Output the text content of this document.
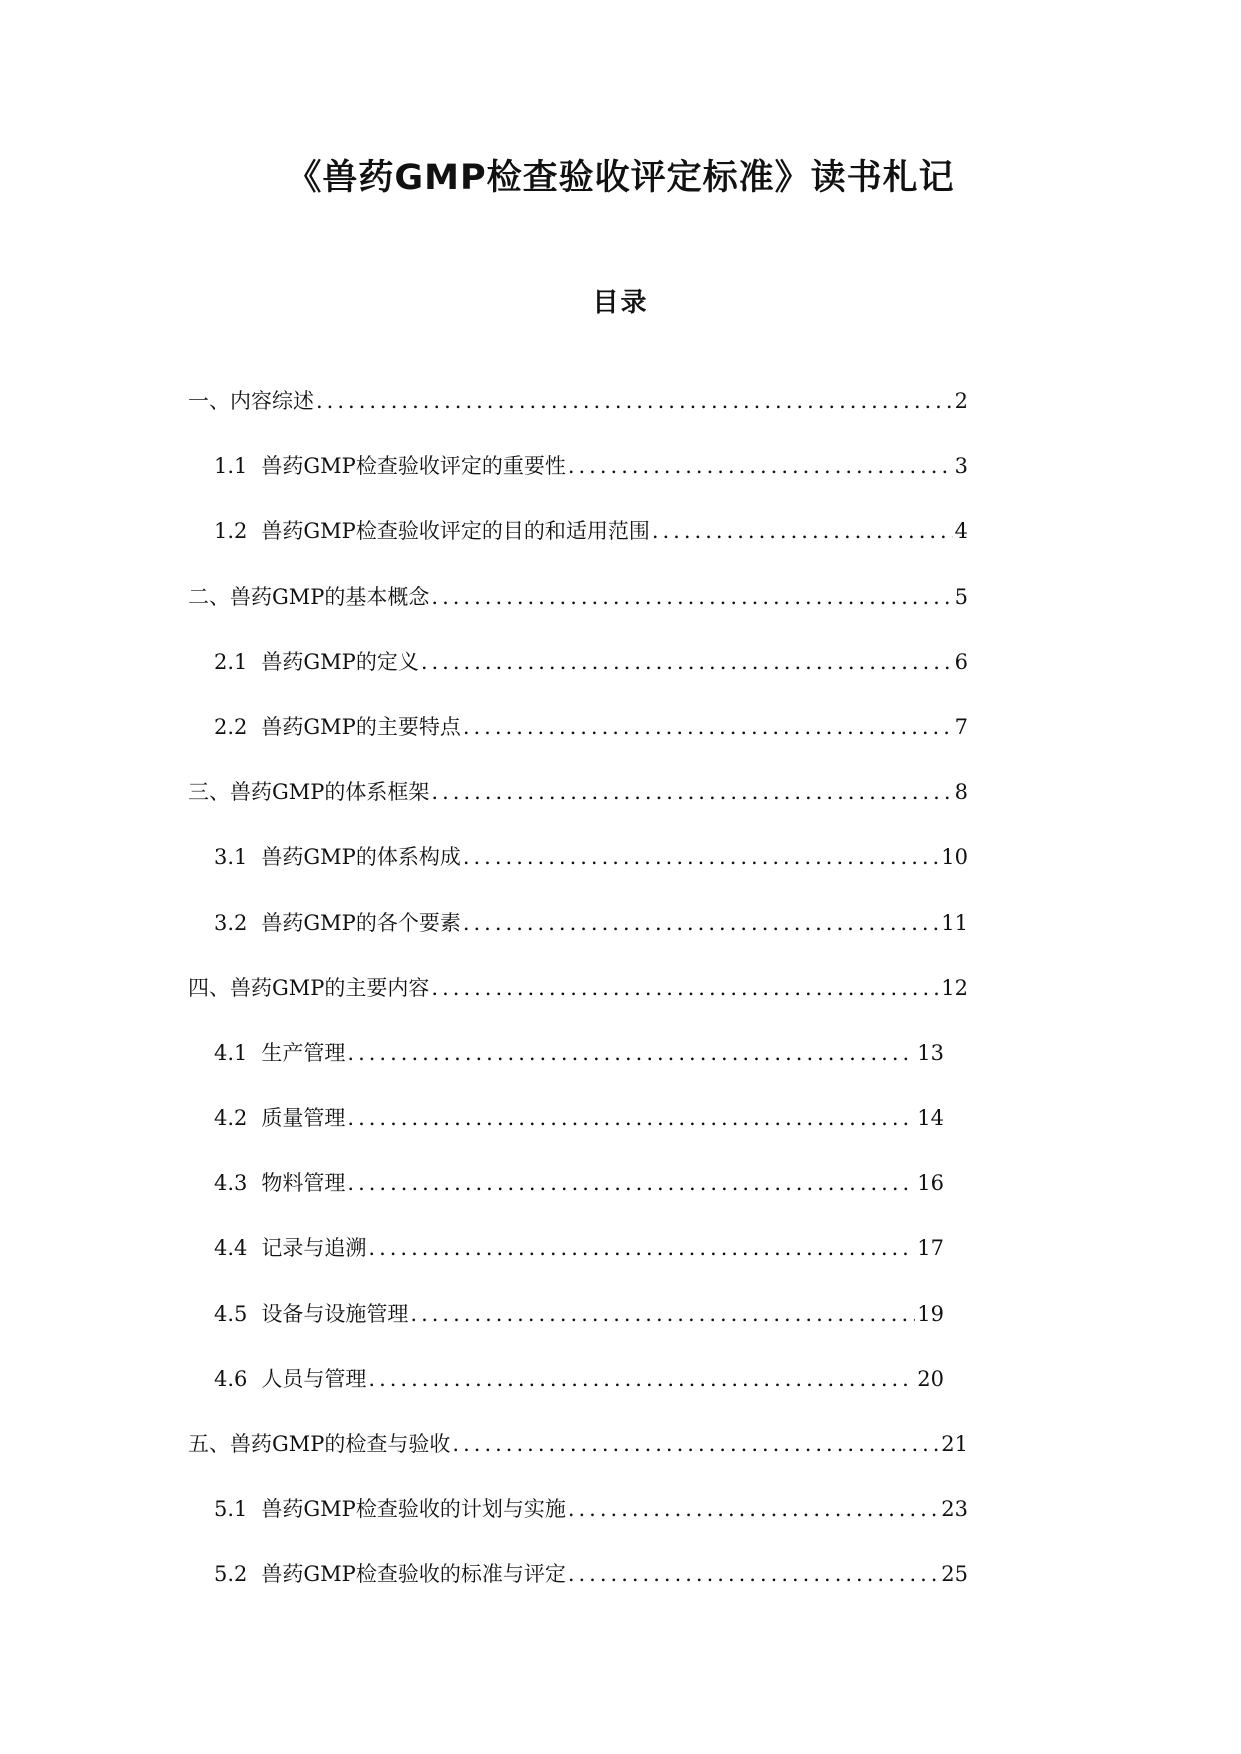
《兽药GMP检查验收评定标准》读书札记
目录
一、内容综述 .....	2
1.1 兽药GMP检查验收评定的重要性 .....	3
1.2 兽药GMP检查验收评定的目的和适用范围 .....	4
二、兽药GMP的基本概念 .....	5
2.1 兽药GMP的定义 .....	6
2.2 兽药GMP的主要特点 .....	7
三、兽药GMP的体系框架 .....	8
3.1 兽药GMP的体系构成 .....	10
3.2 兽药GMP的各个要素 .....	11
四、兽药GMP的主要内容 .....	12
4.1 生产管理 .....	13
4.2 质量管理 .....	14
4.3 物料管理 .....	16
4.4 记录与追溯 .....	17
4.5 设备与设施管理 .....	19
4.6 人员与管理 .....	20
五、兽药GMP的检查与验收 .....	21
5.1 兽药GMP检查验收的计划与实施 .....	23
5.2 兽药GMP检查验收的标准与评定 .....	25
